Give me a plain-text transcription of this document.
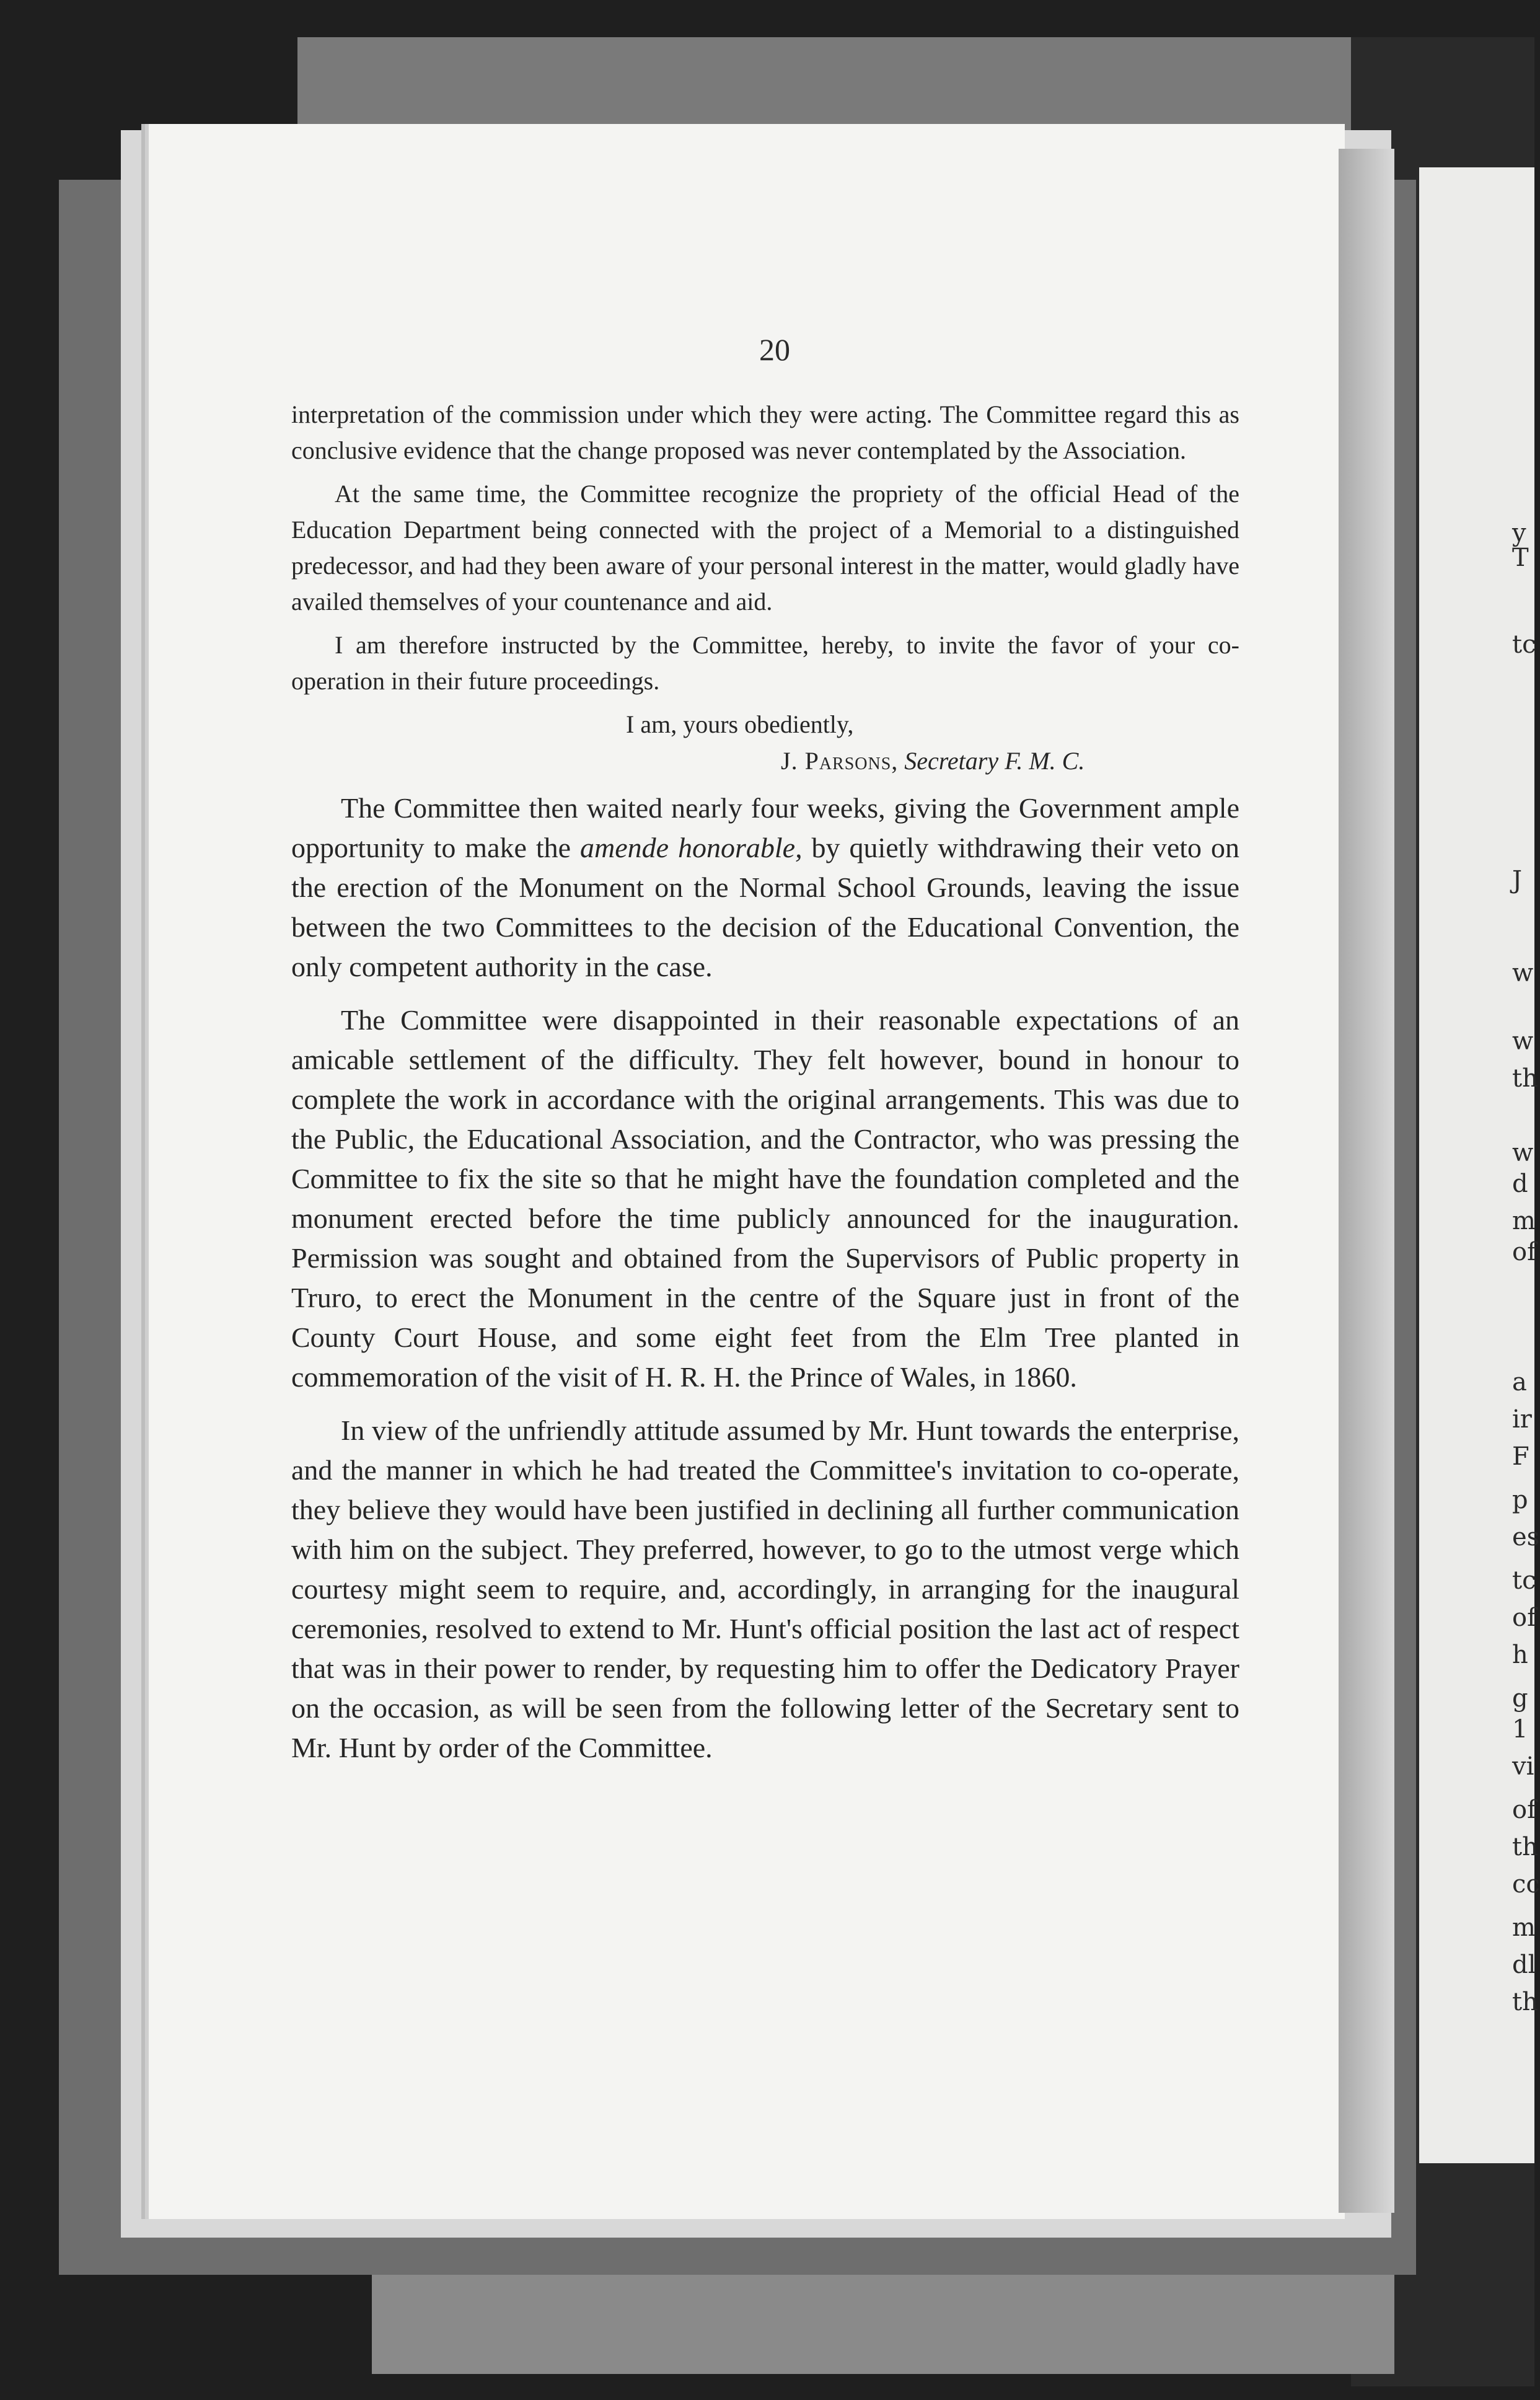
y
T
tc
J
w
w
th
w
d
m
of
a
ir
F
p
es
tc
of
h
g
1
vi
of
th
cc
m
dl
th
20

interpretation of the commission under which they were acting. The Committee regard this as conclusive evidence that the change proposed was never contemplated by the Association.

At the same time, the Committee recognize the propriety of the official Head of the Education Department being connected with the project of a Memorial to a distinguished predecessor, and had they been aware of your personal interest in the matter, would gladly have availed themselves of your countenance and aid.

I am therefore instructed by the Committee, hereby, to invite the favor of your co-operation in their future proceedings.

I am, yours obediently,

J. Parsons, Secretary F. M. C.

The Committee then waited nearly four weeks, giving the Government ample opportunity to make the amende honorable, by quietly withdrawing their veto on the erection of the Monument on the Normal School Grounds, leaving the issue between the two Committees to the decision of the Educational Convention, the only competent authority in the case.

The Committee were disappointed in their reasonable expectations of an amicable settlement of the difficulty. They felt however, bound in honour to complete the work in accordance with the original arrangements. This was due to the Public, the Educational Association, and the Contractor, who was pressing the Committee to fix the site so that he might have the foundation completed and the monument erected before the time publicly announced for the inauguration. Permission was sought and obtained from the Supervisors of Public property in Truro, to erect the Monument in the centre of the Square just in front of the County Court House, and some eight feet from the Elm Tree planted in commemoration of the visit of H. R. H. the Prince of Wales, in 1860.

In view of the unfriendly attitude assumed by Mr. Hunt towards the enterprise, and the manner in which he had treated the Committee's invitation to co-operate, they believe they would have been justified in declining all further communication with him on the subject. They preferred, however, to go to the utmost verge which courtesy might seem to require, and, accordingly, in arranging for the inaugural ceremonies, resolved to extend to Mr. Hunt's official position the last act of respect that was in their power to render, by requesting him to offer the Dedicatory Prayer on the occasion, as will be seen from the following letter of the Secretary sent to Mr. Hunt by order of the Committee.
